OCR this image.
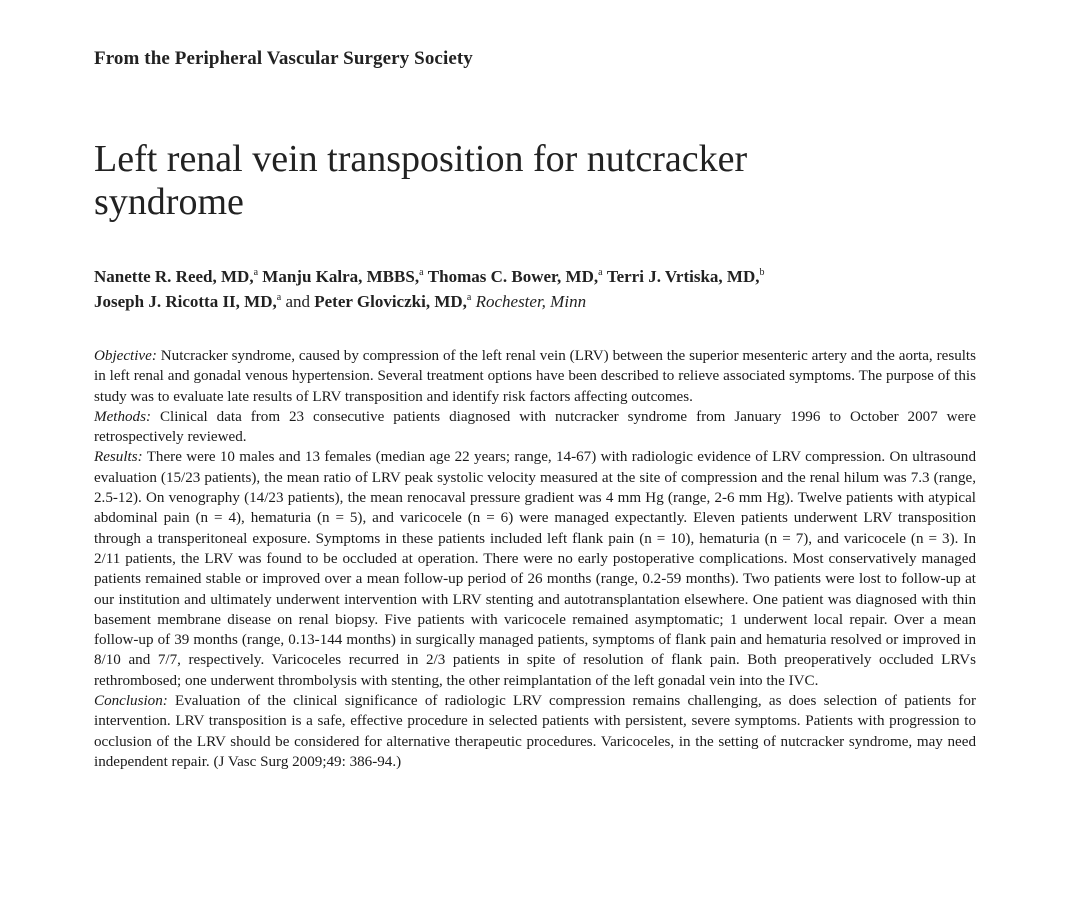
From the Peripheral Vascular Surgery Society
Left renal vein transposition for nutcracker syndrome
Nanette R. Reed, MD,$^a$ Manju Kalra, MBBS,$^a$ Thomas C. Bower, MD,$^a$ Terri J. Vrtiska, MD,$^b$
Joseph J. Ricotta II, MD,$^a$ and Peter Gloviczki, MD,$^a$ Rochester, Minn

Objective: Nutcracker syndrome, caused by compression of the left renal vein (LRV) between the superior mesenteric artery and the aorta, results in left renal and gonadal venous hypertension. Several treatment options have been described to relieve associated symptoms. The purpose of this study was to evaluate late results of LRV transposition and identify risk factors affecting outcomes.

Methods: Clinical data from 23 consecutive patients diagnosed with nutcracker syndrome from January 1996 to October 2007 were retrospectively reviewed.

Results: There were 10 males and 13 females (median age 22 years; range, 14-67) with radiologic evidence of LRV compression. On ultrasound evaluation (15/23 patients), the mean ratio of LRV peak systolic velocity measured at the site of compression and the renal hilum was 7.3 (range, 2.5-12). On venography (14/23 patients), the mean renocaval pressure gradient was 4 mm Hg (range, 2-6 mm Hg). Twelve patients with atypical abdominal pain (n = 4), hematuria (n = 5), and varicocele (n = 6) were managed expectantly. Eleven patients underwent LRV transposition through a transperitoneal exposure. Symptoms in these patients included left flank pain (n = 10), hematuria (n = 7), and varicocele (n = 3). In 2/11 patients, the LRV was found to be occluded at operation. There were no early postoperative complications. Most conservatively managed patients remained stable or improved over a mean follow-up period of 26 months (range, 0.2-59 months). Two patients were lost to follow-up at our institution and ultimately underwent intervention with LRV stenting and autotransplantation elsewhere. One patient was diagnosed with thin basement membrane disease on renal biopsy. Five patients with varicocele remained asymptomatic; 1 underwent local repair. Over a mean follow-up of 39 months (range, 0.13-144 months) in surgically managed patients, symptoms of flank pain and hematuria resolved or improved in 8/10 and 7/7, respectively. Varicoceles recurred in 2/3 patients in spite of resolution of flank pain. Both preoperatively occluded LRVs rethrombosed; one underwent thrombolysis with stenting, the other reimplantation of the left gonadal vein into the IVC.

Conclusion: Evaluation of the clinical significance of radiologic LRV compression remains challenging, as does selection of patients for intervention. LRV transposition is a safe, effective procedure in selected patients with persistent, severe symptoms. Patients with progression to occlusion of the LRV should be considered for alternative therapeutic procedures. Varicoceles, in the setting of nutcracker syndrome, may need independent repair. (J Vasc Surg 2009;49: 386-94.)
